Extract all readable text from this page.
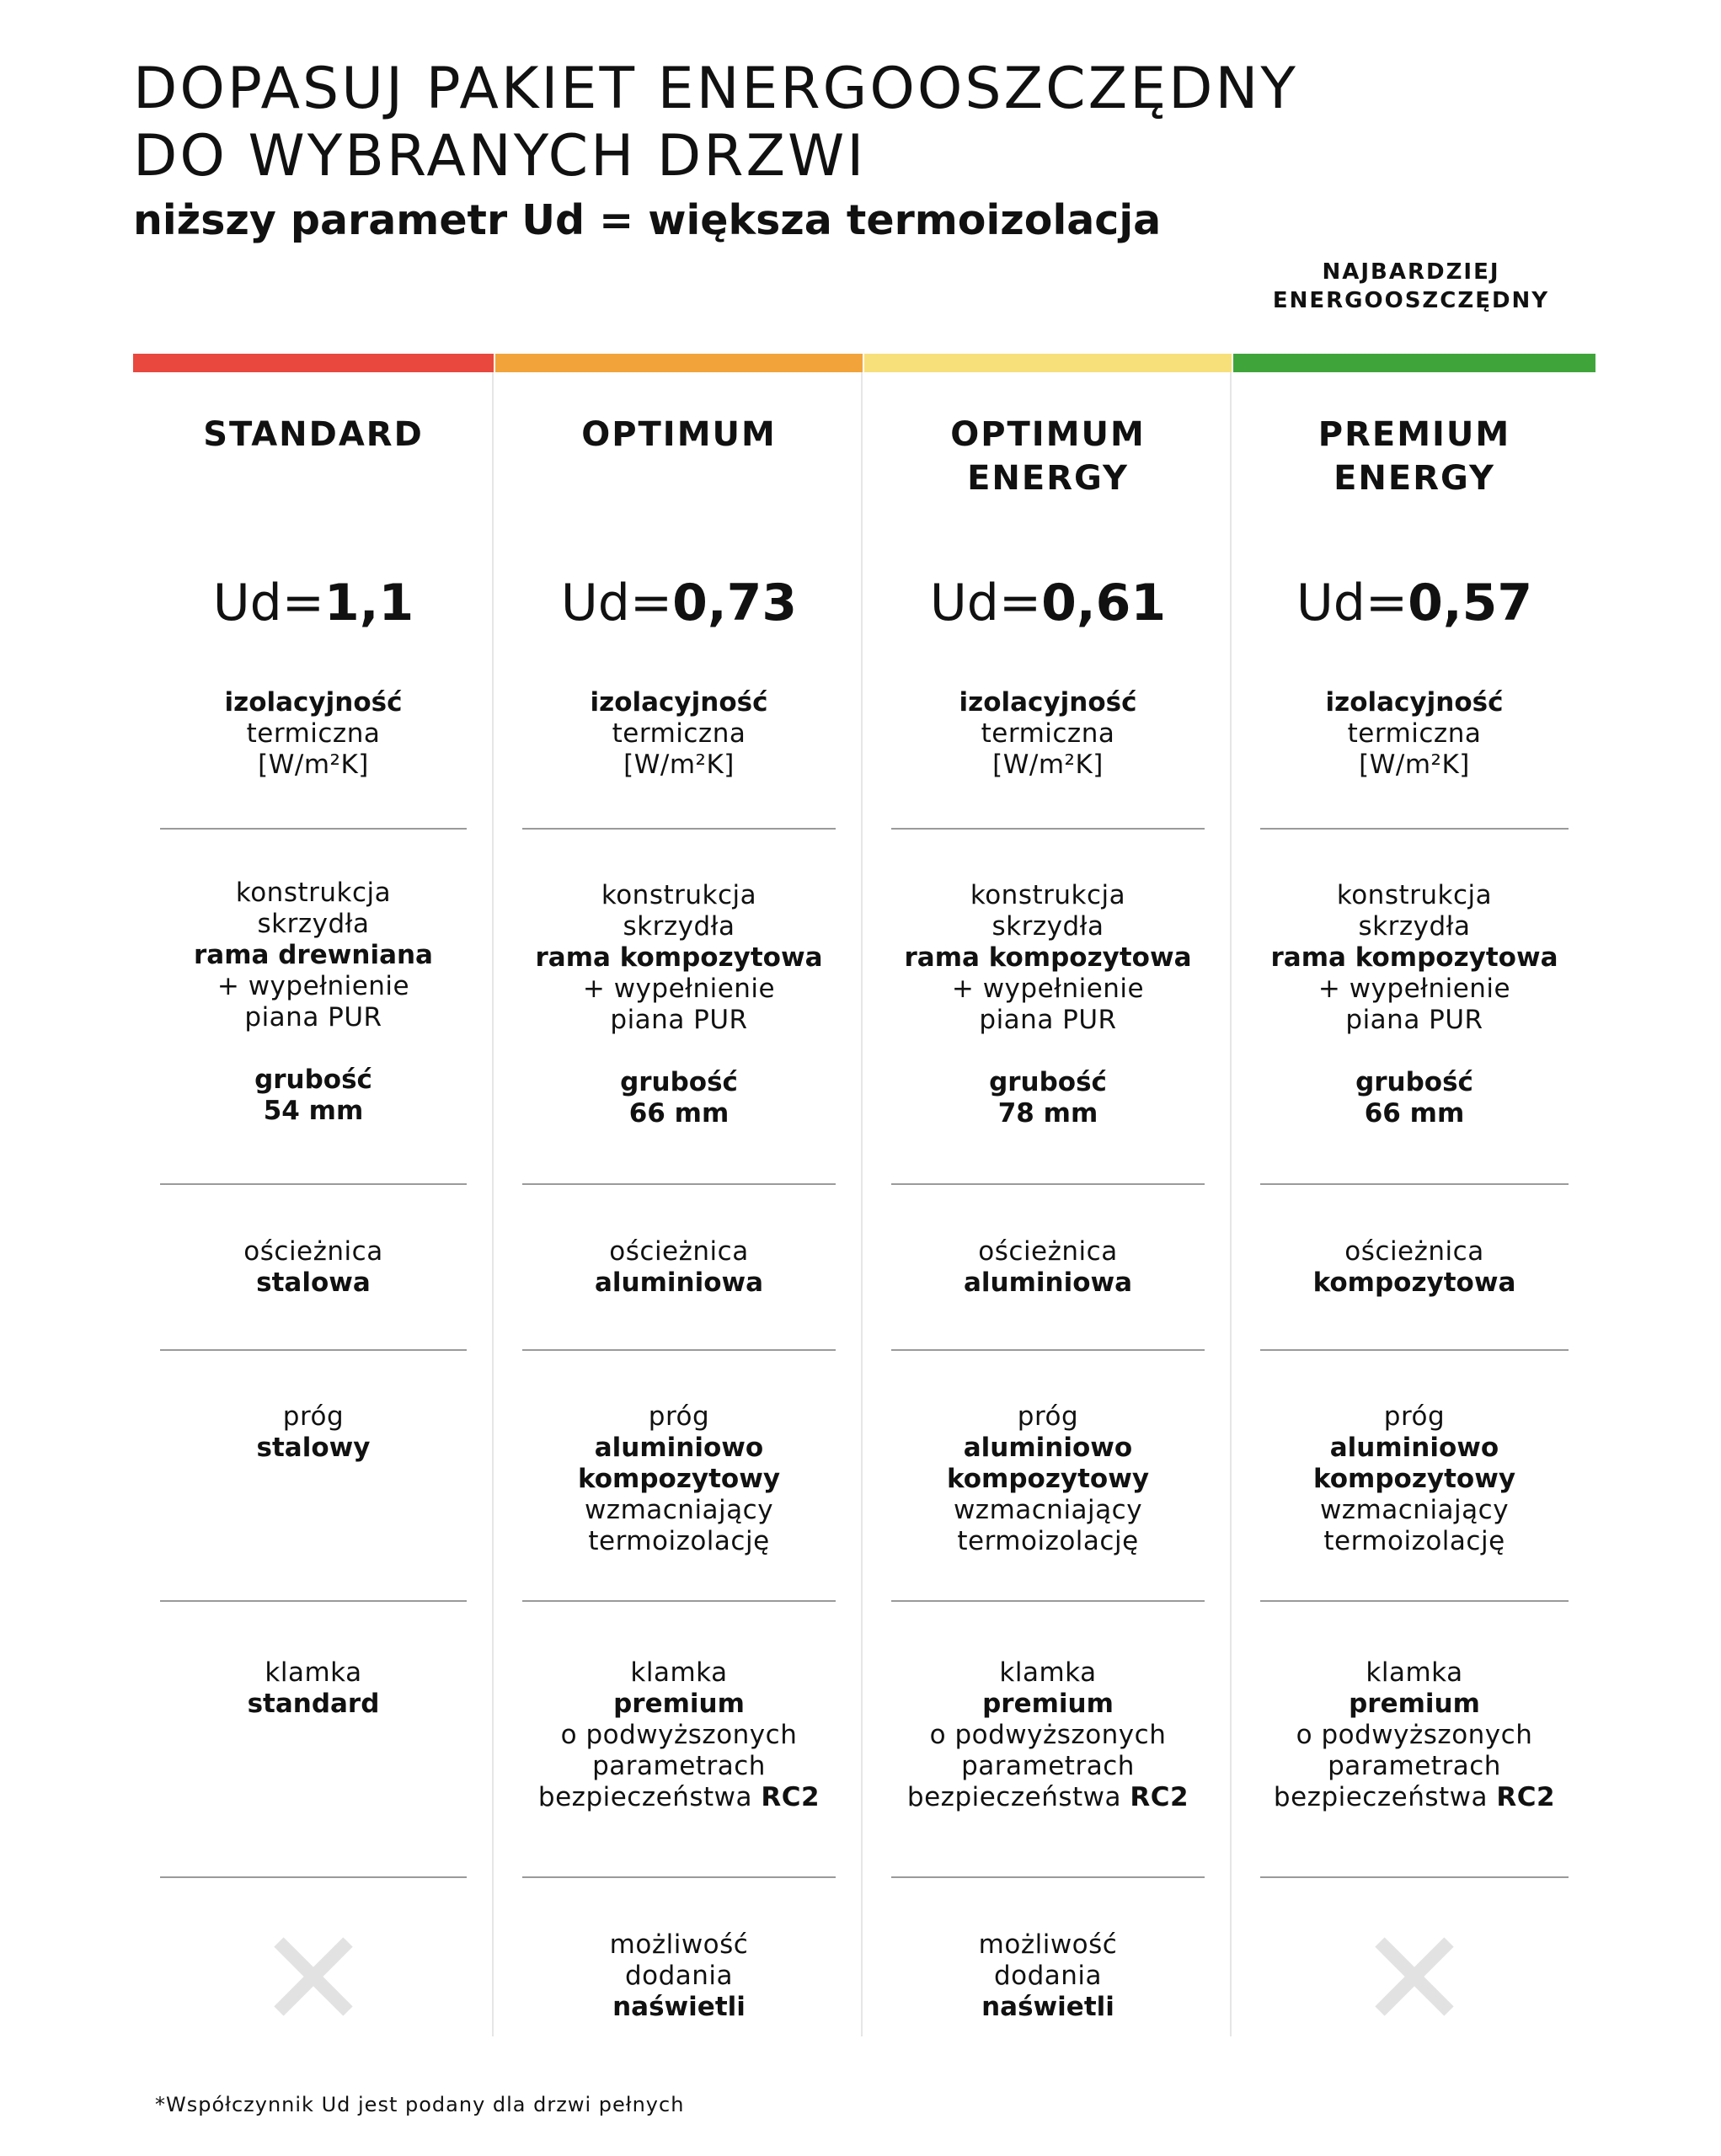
DOPASUJ PAKIET ENERGOOSZCZĘDNY
DO WYBRANYCH DRZWI

niższy parametr Ud = większa termoizolacja

NAJBARDZIEJ
ENERGOOSZCZĘDNY
STANDARD
Ud=1,1
izolacyjność
termiczna
[W/m²K]
konstrukcja
skrzydła
rama drewniana
+ wypełnienie
piana PUR
grubość
54 mm
ościeżnica
stalowa
próg
stalowy
klamka
standard
OPTIMUM
Ud=0,73
izolacyjność
termiczna
[W/m²K]
konstrukcja
skrzydła
rama kompozytowa
+ wypełnienie
piana PUR
grubość
66 mm
ościeżnica
aluminiowa
próg
aluminiowo
kompozytowy
wzmacniający
termoizolację
klamka
premium
o podwyższonych
parametrach
bezpieczeństwa RC2
możliwość
dodania
naświetli
OPTIMUM
ENERGY
Ud=0,61
izolacyjność
termiczna
[W/m²K]
konstrukcja
skrzydła
rama kompozytowa
+ wypełnienie
piana PUR
grubość
78 mm
ościeżnica
aluminiowa
próg
aluminiowo
kompozytowy
wzmacniający
termoizolację
klamka
premium
o podwyższonych
parametrach
bezpieczeństwa RC2
możliwość
dodania
naświetli
PREMIUM
ENERGY
Ud=0,57
izolacyjność
termiczna
[W/m²K]
konstrukcja
skrzydła
rama kompozytowa
+ wypełnienie
piana PUR
grubość
66 mm
ościeżnica
kompozytowa
próg
aluminiowo
kompozytowy
wzmacniający
termoizolację
klamka
premium
o podwyższonych
parametrach
bezpieczeństwa RC2
*Współczynnik Ud jest podany dla drzwi pełnych
